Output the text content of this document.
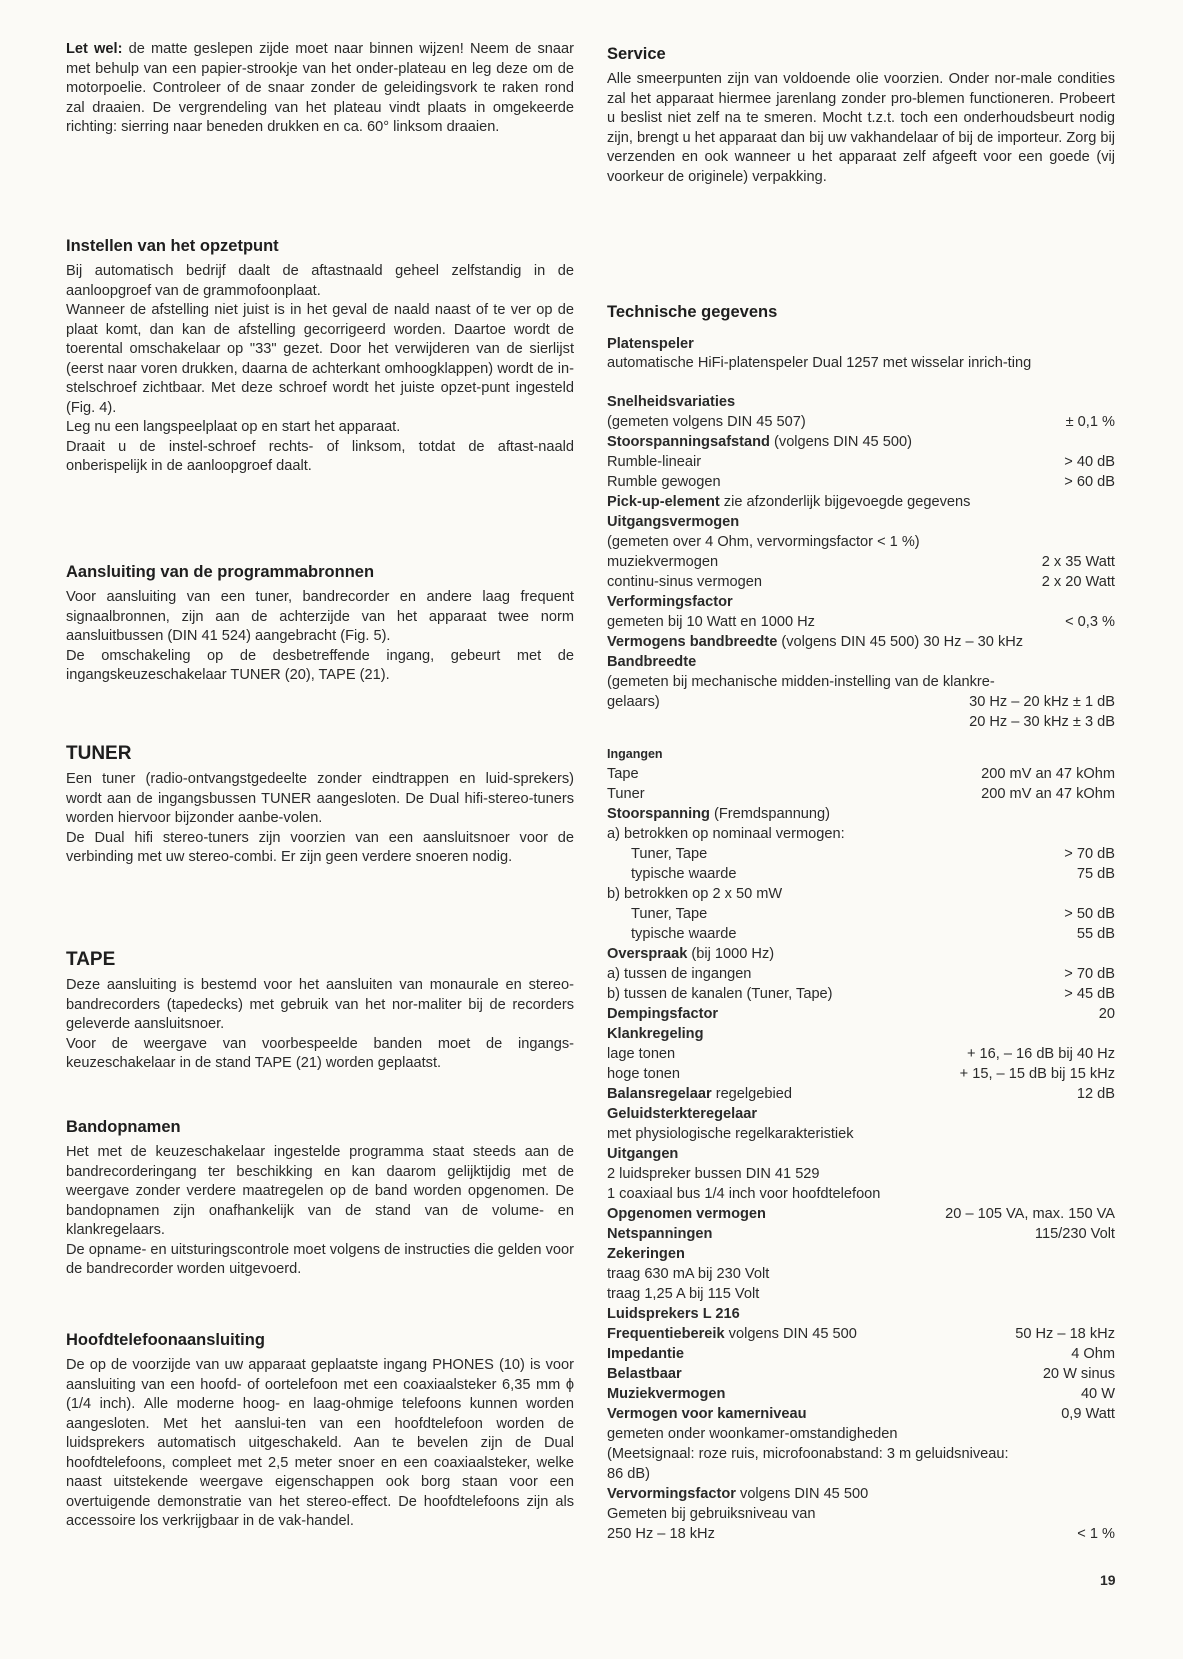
Let wel: de matte geslepen zijde moet naar binnen wijzen! Neem de snaar met behulp van een papier-strookje van het onder-plateau en leg deze om de motorpoelie. Controleer of de snaar zonder de geleidingsvork te raken rond zal draaien. De vergrendeling van het plateau vindt plaats in omgekeerde richting: sierring naar beneden drukken en ca. 60° linksom draaien.

Instellen van het opzetpunt

Bij automatisch bedrijf daalt de aftastnaald geheel zelfstandig in de aanloopgroef van de grammofoonplaat.

Wanneer de afstelling niet juist is in het geval de naald naast of te ver op de plaat komt, dan kan de afstelling gecorrigeerd worden. Daartoe wordt de toerental omschakelaar op "33" gezet. Door het verwijderen van de sierlijst (eerst naar voren drukken, daarna de achterkant omhoogklappen) wordt de in-stelschroef zichtbaar. Met deze schroef wordt het juiste opzet-punt ingesteld (Fig. 4).

Leg nu een langspeelplaat op en start het apparaat.

Draait u de instel-schroef rechts- of linksom, totdat de aftast-naald onberispelijk in de aanloopgroef daalt.

Aansluiting van de programmabronnen

Voor aansluiting van een tuner, bandrecorder en andere laag frequent signaalbronnen, zijn aan de achterzijde van het apparaat twee norm aansluitbussen (DIN 41 524) aangebracht (Fig. 5).

De omschakeling op de desbetreffende ingang, gebeurt met de ingangskeuzeschakelaar TUNER (20), TAPE (21).

TUNER

Een tuner (radio-ontvangstgedeelte zonder eindtrappen en luid-sprekers) wordt aan de ingangsbussen TUNER aangesloten. De Dual hifi-stereo-tuners worden hiervoor bijzonder aanbe-volen.

De Dual hifi stereo-tuners zijn voorzien van een aansluitsnoer voor de verbinding met uw stereo-combi. Er zijn geen verdere snoeren nodig.

TAPE

Deze aansluiting is bestemd voor het aansluiten van monaurale en stereo-bandrecorders (tapedecks) met gebruik van het nor-maliter bij de recorders geleverde aansluitsnoer.

Voor de weergave van voorbespeelde banden moet de ingangs-keuzeschakelaar in de stand TAPE (21) worden geplaatst.

Bandopnamen

Het met de keuzeschakelaar ingestelde programma staat steeds aan de bandrecorderingang ter beschikking en kan daarom gelijktijdig met de weergave zonder verdere maatregelen op de band worden opgenomen. De bandopnamen zijn onafhankelijk van de stand van de volume- en klankregelaars.

De opname- en uitsturingscontrole moet volgens de instructies die gelden voor de bandrecorder worden uitgevoerd.

Hoofdtelefoonaansluiting

De op de voorzijde van uw apparaat geplaatste ingang PHONES (10) is voor aansluiting van een hoofd- of oortelefoon met een coaxiaalsteker 6,35 mm ϕ (1/4 inch). Alle moderne hoog- en laag-ohmige telefoons kunnen worden aangesloten. Met het aanslui-ten van een hoofdtelefoon worden de luidsprekers automatisch uitgeschakeld. Aan te bevelen zijn de Dual hoofdtelefoons, compleet met 2,5 meter snoer en een coaxiaalsteker, welke naast uitstekende weergave eigenschappen ook borg staan voor een overtuigende demonstratie van het stereo-effect. De hoofdtelefoons zijn als accessoire los verkrijgbaar in de vak-handel.

Service

Alle smeerpunten zijn van voldoende olie voorzien. Onder nor-male condities zal het apparaat hiermee jarenlang zonder pro-blemen functioneren. Probeert u beslist niet zelf na te smeren. Mocht t.z.t. toch een onderhoudsbeurt nodig zijn, brengt u het apparaat dan bij uw vakhandelaar of bij de importeur. Zorg bij verzenden en ook wanneer u het apparaat zelf afgeeft voor een goede (vij voorkeur de originele) verpakking.

Technische gegevens
Platenspeler
automatische HiFi-platenspeler Dual 1257 met wisselar inrich-ting
Snelheidsvariaties
(gemeten volgens DIN 45 507)	± 0,1 %
Stoorspanningsafstand (volgens DIN 45 500)
Rumble-lineair	> 40 dB
Rumble gewogen	> 60 dB
Pick-up-element zie afzonderlijk bijgevoegde gegevens
Uitgangsvermogen
(gemeten over 4 Ohm, vervormingsfactor < 1 %)
muziekvermogen	2 x 35 Watt
continu-sinus vermogen	2 x 20 Watt
Verformingsfactor
gemeten bij 10 Watt en 1000 Hz	< 0,3 %
Vermogens bandbreedte (volgens DIN 45 500) 30 Hz – 30 kHz
Bandbreedte
(gemeten bij mechanische midden-instelling van de klankre-
gelaars)	30 Hz – 20 kHz ± 1 dB
20 Hz – 30 kHz ± 3 dB
Ingangen
Tape	200 mV an 47 kOhm
Tuner	200 mV an 47 kOhm
Stoorspanning (Fremdspannung)
a) betrokken op nominaal vermogen:
Tuner, Tape	> 70 dB
typische waarde	75 dB
b) betrokken op 2 x 50 mW
Tuner, Tape	> 50 dB
typische waarde	55 dB
Overspraak (bij 1000 Hz)
a) tussen de ingangen	> 70 dB
b) tussen de kanalen (Tuner, Tape)	> 45 dB
Dempingsfactor	20
Klankregeling
lage tonen	+ 16, – 16 dB bij 40 Hz
hoge tonen	+ 15, – 15 dB bij 15 kHz
Balansregelaar regelgebied	12 dB
Geluidsterkteregelaar
met physiologische regelkarakteristiek
Uitgangen
2 luidspreker bussen DIN 41 529
1 coaxiaal bus 1/4 inch voor hoofdtelefoon
Opgenomen vermogen	20 – 105 VA, max. 150 VA
Netspanningen	115/230 Volt
Zekeringen
traag 630 mA bij 230 Volt
traag 1,25 A bij 115 Volt
Luidsprekers L 216
Frequentiebereik volgens DIN 45 500	50 Hz – 18 kHz
Impedantie	4 Ohm
Belastbaar	20 W sinus
Muziekvermogen	40 W
Vermogen voor kamerniveau	0,9 Watt
gemeten onder woonkamer-omstandigheden
(Meetsignaal: roze ruis, microfoonabstand: 3 m geluidsniveau:
86 dB)
Vervormingsfactor volgens DIN 45 500
Gemeten bij gebruiksniveau van
250 Hz – 18 kHz	< 1 %
19
